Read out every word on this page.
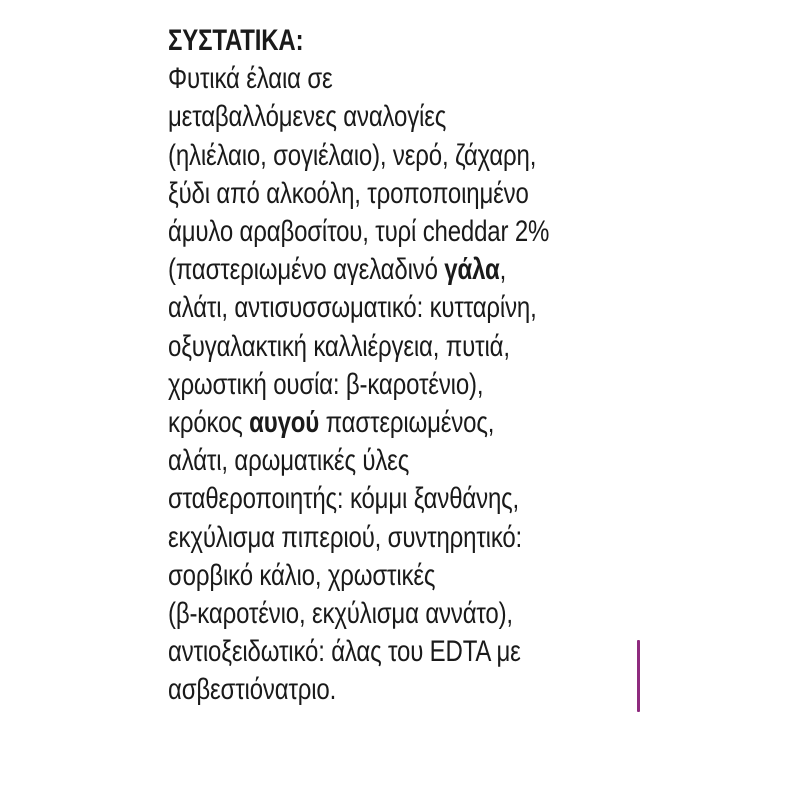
ΣΥΣΤΑΤΙΚΑ:
Φυτικά έλαια σε
μεταβαλλόμενες αναλογίες
(ηλιέλαιο, σογιέλαιο), νερό, ζάχαρη,
ξύδι από αλκοόλη, τροποποιημένο
άμυλο αραβοσίτου, τυρί cheddar 2%
(παστεριωμένο αγελαδινό γάλα,
αλάτι, αντισυσσωματικό: κυτταρίνη,
οξυγαλακτική καλλιέργεια, πυτιά,
χρωστική ουσία: β-καροτένιο),
κρόκος αυγού παστεριωμένος,
αλάτι, αρωματικές ύλες
σταθεροποιητής: κόμμι ξανθάνης,
εκχύλισμα πιπεριού, συντηρητικό:
σορβικό κάλιο, χρωστικές
(β-καροτένιο, εκχύλισμα αννάτο),
αντιοξειδωτικό: άλας του EDTA με
ασβεστιόνατριο.
